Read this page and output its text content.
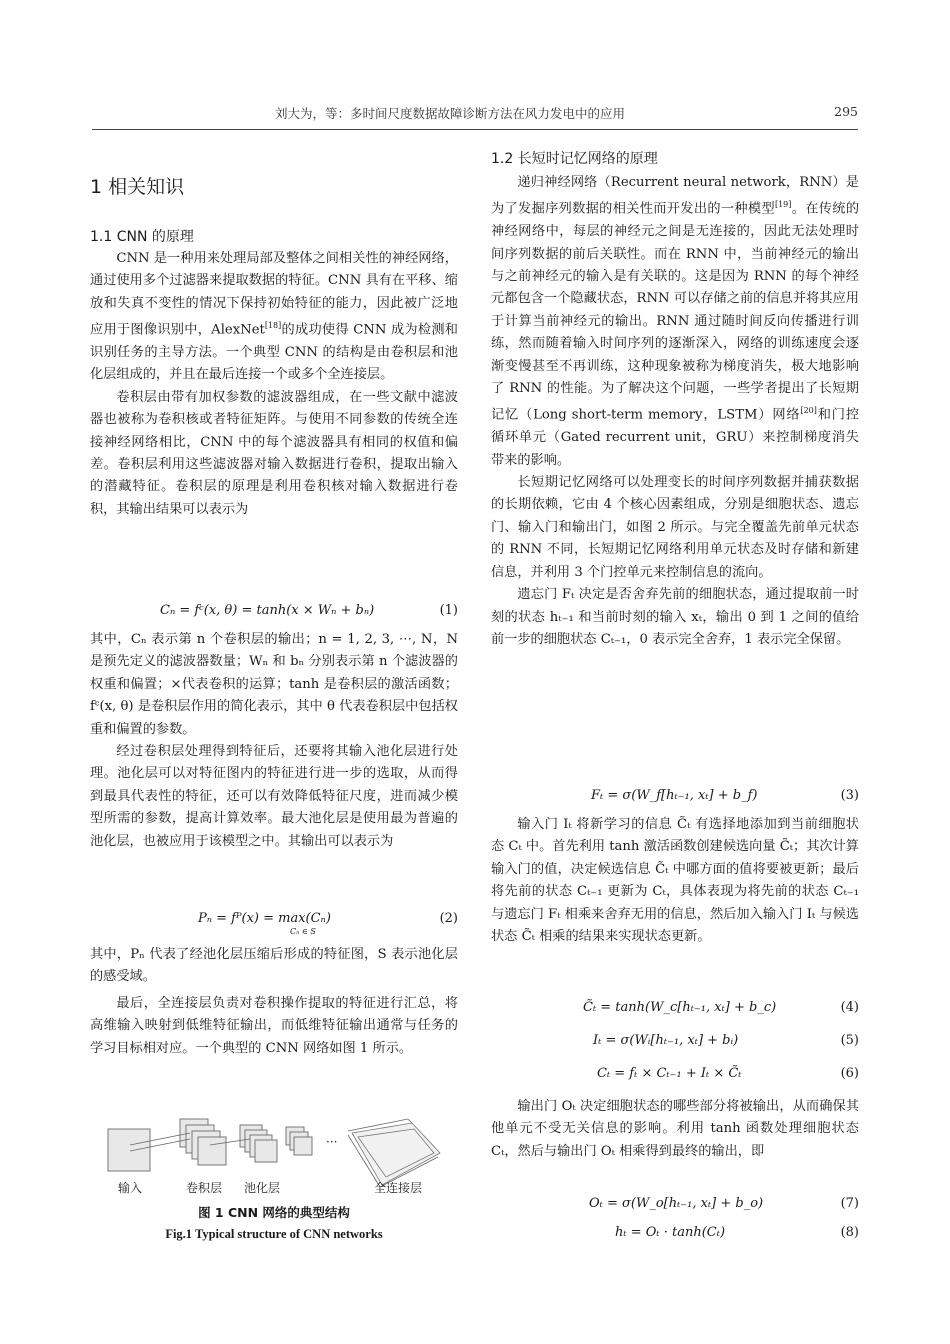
刘大为，等：多时间尺度数据故障诊断方法在风力发电中的应用	295
1 相关知识
1.1 CNN 的原理

CNN 是一种用来处理局部及整体之间相关性的神经网络，通过使用多个过滤器来提取数据的特征。CNN 具有在平移、缩放和失真不变性的情况下保持初始特征的能力，因此被广泛地应用于图像识别中，AlexNet[18]的成功使得 CNN 成为检测和识别任务的主导方法。一个典型 CNN 的结构是由卷积层和池化层组成的，并且在最后连接一个或多个全连接层。

卷积层由带有加权参数的滤波器组成，在一些文献中滤波器也被称为卷积核或者特征矩阵。与使用不同参数的传统全连接神经网络相比，CNN 中的每个滤波器具有相同的权值和偏差。卷积层利用这些滤波器对输入数据进行卷积，提取出输入的潜藏特征。卷积层的原理是利用卷积核对输入数据进行卷积，其输出结果可以表示为

Cₙ = fᶜ(x, θ) = tanh(x × Wₙ + bₙ)	(1)

其中，Cₙ 表示第 n 个卷积层的输出；n = 1, 2, 3, ⋯, N，N 是预先定义的滤波器数量；Wₙ 和 bₙ 分别表示第 n 个滤波器的权重和偏置；×代表卷积的运算；tanh 是卷积层的激活函数；fᶜ(x, θ) 是卷积层作用的简化表示，其中 θ 代表卷积层中包括权重和偏置的参数。

经过卷积层处理得到特征后，还要将其输入池化层进行处理。池化层可以对特征图内的特征进行进一步的选取，从而得到最具代表性的特征，还可以有效降低特征尺度，进而减少模型所需的参数，提高计算效率。最大池化层是使用最为普遍的池化层，也被应用于该模型之中。其输出可以表示为

Pₙ = fᴾ(x) = max(Cₙ)
Cₙ ∈ S
(2)

其中，Pₙ 代表了经池化层压缩后形成的特征图，S 表示池化层的感受域。

最后，全连接层负责对卷积操作提取的特征进行汇总，将高维输入映射到低维特征输出，而低维特征输出通常与任务的学习目标相对应。一个典型的 CNN 网络如图 1 所示。

输入	卷积层 池化层
···
全连接层
图 1 CNN 网络的典型结构
Fig.1 Typical structure of CNN networks
1.2 长短时记忆网络的原理

递归神经网络（Recurrent neural network，RNN）是为了发掘序列数据的相关性而开发出的一种模型[19]。在传统的神经网络中，每层的神经元之间是无连接的，因此无法处理时间序列数据的前后关联性。而在 RNN 中，当前神经元的输出与之前神经元的输入是有关联的。这是因为 RNN 的每个神经元都包含一个隐藏状态，RNN 可以存储之前的信息并将其应用于计算当前神经元的输出。RNN 通过随时间反向传播进行训练，然而随着输入时间序列的逐渐深入，网络的训练速度会逐渐变慢甚至不再训练，这种现象被称为梯度消失，极大地影响了 RNN 的性能。为了解决这个问题，一些学者提出了长短期记忆（Long short-term memory，LSTM）网络[20]和门控循环单元（Gated recurrent unit，GRU）来控制梯度消失带来的影响。

长短期记忆网络可以处理变长的时间序列数据并捕获数据的长期依赖，它由 4 个核心因素组成，分别是细胞状态、遗忘门、输入门和输出门，如图 2 所示。与完全覆盖先前单元状态的 RNN 不同，长短期记忆网络利用单元状态及时存储和新建信息，并利用 3 个门控单元来控制信息的流向。

遗忘门 Fₜ 决定是否舍弃先前的细胞状态，通过提取前一时刻的状态 hₜ₋₁ 和当前时刻的输入 xₜ，输出 0 到 1 之间的值给前一步的细胞状态 Cₜ₋₁，0 表示完全舍弃，1 表示完全保留。

Fₜ = σ(W_f[hₜ₋₁, xₜ] + b_f)	(3)

输入门 Iₜ 将新学习的信息 C̃ₜ 有选择地添加到当前细胞状态 Cₜ 中。首先利用 tanh 激活函数创建候选向量 C̃ₜ；其次计算输入门的值，决定候选信息 C̃ₜ 中哪方面的值将要被更新；最后将先前的状态 Cₜ₋₁ 更新为 Cₜ，具体表现为将先前的状态 Cₜ₋₁ 与遗忘门 Fₜ 相乘来舍弃无用的信息，然后加入输入门 Iₜ 与候选状态 C̃ₜ 相乘的结果来实现状态更新。

C̃ₜ = tanh(W_c[hₜ₋₁, xₜ] + b_c)	(4)
Iₜ = σ(Wᵢ[hₜ₋₁, xₜ] + bᵢ)	(5)
Cₜ = fₜ × Cₜ₋₁ + Iₜ × C̃ₜ	(6)

输出门 Oₜ 决定细胞状态的哪些部分将被输出，从而确保其他单元不受无关信息的影响。利用 tanh 函数处理细胞状态 Cₜ，然后与输出门 Oₜ 相乘得到最终的输出，即

Oₜ = σ(W_o[hₜ₋₁, xₜ] + b_o)	(7)
hₜ = Oₜ · tanh(Cₜ)	(8)
